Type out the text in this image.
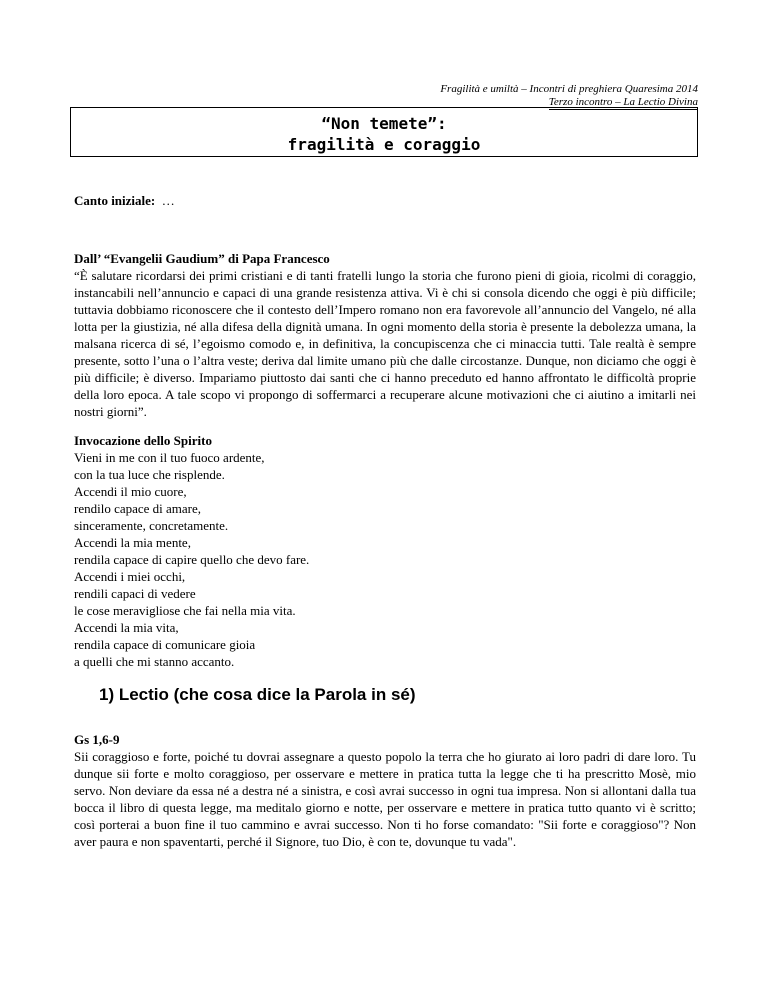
Fragilità e umiltà – Incontri di preghiera Quaresima 2014
Terzo incontro – La Lectio Divina
“Non temete”:
fragilità e coraggio
Canto iniziale: …
Dall’ “Evangelii Gaudium” di Papa Francesco
“È salutare ricordarsi dei primi cristiani e di tanti fratelli lungo la storia che furono pieni di gioia, ricolmi di coraggio, instancabili nell’annuncio e capaci di una grande resistenza attiva. Vi è chi si consola dicendo che oggi è più difficile; tuttavia dobbiamo riconoscere che il contesto dell’Impero romano non era favorevole all’annuncio del Vangelo, né alla lotta per la giustizia, né alla difesa della dignità umana. In ogni momento della storia è presente la debolezza umana, la malsana ricerca di sé, l’egoismo comodo e, in definitiva, la concupiscenza che ci minaccia tutti. Tale realtà è sempre presente, sotto l’una o l’altra veste; deriva dal limite umano più che dalle circostanze. Dunque, non diciamo che oggi è più difficile; è diverso. Impariamo piuttosto dai santi che ci hanno preceduto ed hanno affrontato le difficoltà proprie della loro epoca. A tale scopo vi propongo di soffermarci a recuperare alcune motivazioni che ci aiutino a imitarli nei nostri giorni”.
Invocazione dello Spirito
Vieni in me con il tuo fuoco ardente,
con la tua luce che risplende.
Accendi il mio cuore,
rendilo capace di amare,
sinceramente, concretamente.
Accendi la mia mente,
rendila capace di capire quello che devo fare.
Accendi i miei occhi,
rendili capaci di vedere
le cose meravigliose che fai nella mia vita.
Accendi la mia vita,
rendila capace di comunicare gioia
a quelli che mi stanno accanto.
1) Lectio (che cosa dice la Parola in sé)
Gs 1,6-9
Sii coraggioso e forte, poiché tu dovrai assegnare a questo popolo la terra che ho giurato ai loro padri di dare loro. Tu dunque sii forte e molto coraggioso, per osservare e mettere in pratica tutta la legge che ti ha prescritto Mosè, mio servo. Non deviare da essa né a destra né a sinistra, e così avrai successo in ogni tua impresa. Non si allontani dalla tua bocca il libro di questa legge, ma meditalo giorno e notte, per osservare e mettere in pratica tutto quanto vi è scritto; così porterai a buon fine il tuo cammino e avrai successo. Non ti ho forse comandato: "Sii forte e coraggioso"? Non aver paura e non spaventarti, perché il Signore, tuo Dio, è con te, dovunque tu vada".
